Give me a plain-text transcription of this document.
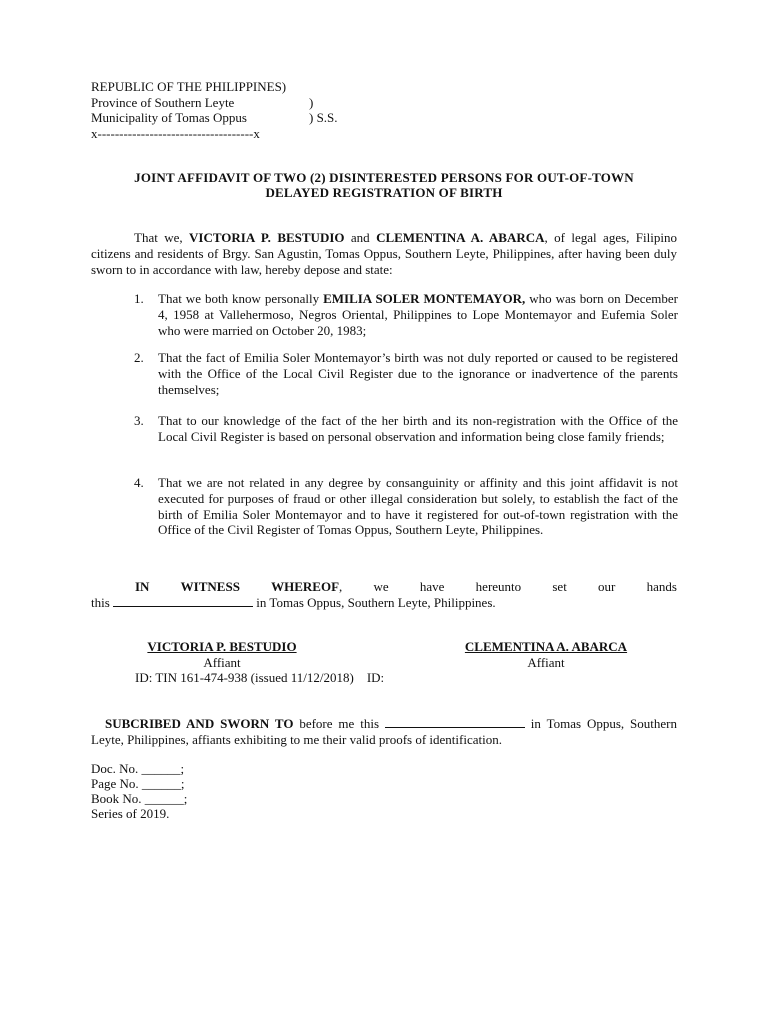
REPUBLIC OF THE PHILIPPINES)
Province of Southern Leyte	)
Municipality of Tomas Oppus	) S.S.
x------------------------------------x
JOINT AFFIDAVIT OF TWO (2) DISINTERESTED PERSONS FOR OUT-OF-TOWN
DELAYED REGISTRATION OF BIRTH
That we, VICTORIA P. BESTUDIO and CLEMENTINA A. ABARCA, of legal ages, Filipino citizens and residents of Brgy. San Agustin, Tomas Oppus, Southern Leyte, Philippines, after having been duly sworn to in accordance with law, hereby depose and state:
1. That we both know personally EMILIA SOLER MONTEMAYOR, who was born on December 4, 1958 at Vallehermoso, Negros Oriental, Philippines to Lope Montemayor and Eufemia Soler who were married on October 20, 1983;
2. That the fact of Emilia Soler Montemayor’s birth was not duly reported or caused to be registered with the Office of the Local Civil Register due to the ignorance or inadvertence of the parents themselves;
3. That to our knowledge of the fact of the her birth and its non-registration with the Office of the Local Civil Register is based on personal observation and information being close family friends;
4. That we are not related in any degree by consanguinity or affinity and this joint affidavit is not executed for purposes of fraud or other illegal consideration but solely, to establish the fact of the birth of Emilia Soler Montemayor and to have it registered for out-of-town registration with the Office of the Civil Register of Tomas Oppus, Southern Leyte, Philippines.
IN WITNESS WHEREOF, we have hereunto set our hands
this	in Tomas Oppus, Southern Leyte, Philippines.
VICTORIA P. BESTUDIO
Affiant
CLEMENTINA A. ABARCA
Affiant
ID: TIN 161-474-938 (issued 11/12/2018) ID:
SUBCRIBED AND SWORN TO before me this	in Tomas Oppus, Southern Leyte, Philippines, affiants exhibiting to me their valid proofs of identification.
Doc. No. ______;
Page No. ______;
Book No. ______;
Series of 2019.
